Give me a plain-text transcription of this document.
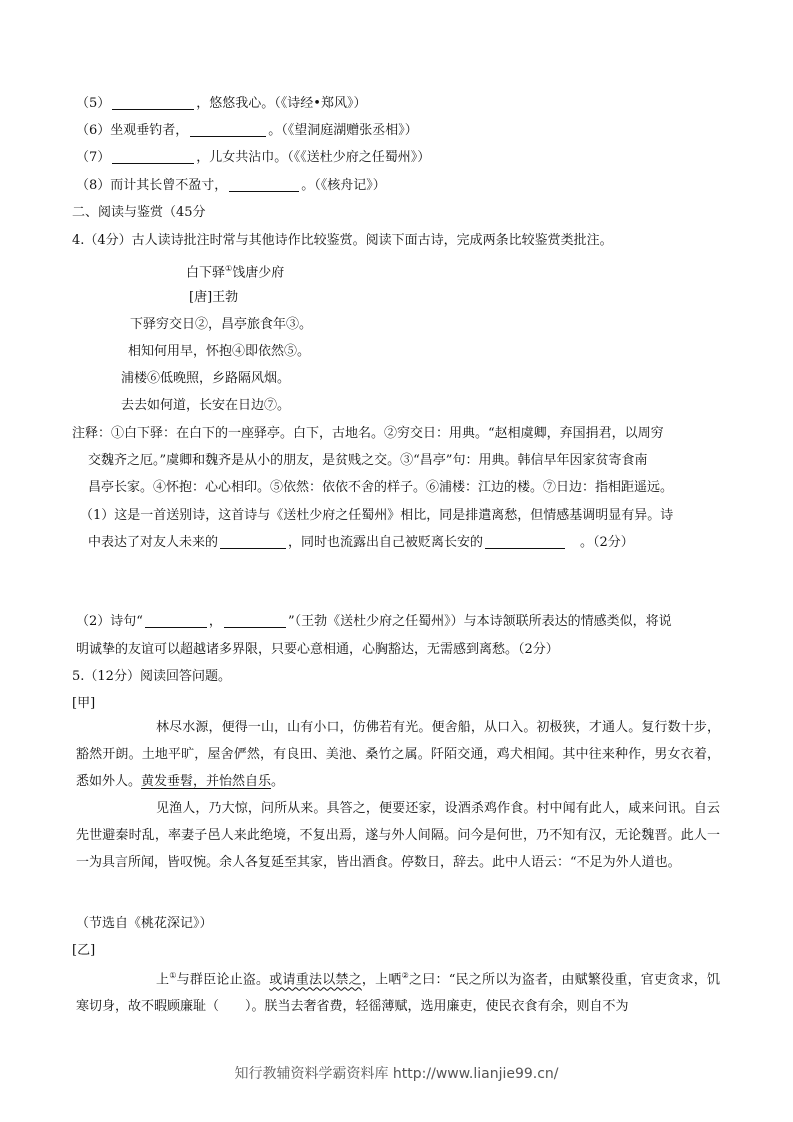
（5）	，悠悠我心。（《诗经•郑风》）
（6）坐观垂钓者，	。（《望洞庭湖赠张丞相》）
（7）	，儿女共沾巾。（《《送杜少府之任蜀州》）
（8）而计其长曾不盈寸，	。（《核舟记》）
二、阅读与鉴赏（45分
4.（4分）古人读诗批注时常与其他诗作比较鉴赏。阅读下面古诗，完成两条比较鉴赏类批注。
白下驿①饯唐少府
[唐]王勃
下驿穷交日②，昌亭旅食年③。
相知何用早，怀抱④即依然⑤。
浦楼⑥低晚照，乡路隔风烟。
去去如何道，长安在日边⑦。
注释：①白下驿：在白下的一座驿亭。白下，古地名。②穷交日：用典。“赵相虞卿，弃国捐君，以周穷
交魏齐之厄。”虞卿和魏齐是从小的朋友，是贫贱之交。③“昌亭”句：用典。韩信早年因家贫寄食南
昌亭长家。④怀抱：心心相印。⑤依然：依依不舍的样子。⑥浦楼：江边的楼。⑦日边：指相距遥远。
（1）这是一首送别诗，这首诗与《送杜少府之任蜀州》相比，同是排遣离愁，但情感基调明显有异。诗
中表达了对友人未来的	，同时也流露出自己被贬离长安的	　。（2分）
（2）诗句“	，	”（王勃《送杜少府之任蜀州》）与本诗颔联所表达的情感类似，将说
明诚挚的友谊可以超越诸多界限，只要心意相通，心胸豁达，无需感到离愁。（2分）
5.（12分）阅读回答问题。
[甲]
林尽水源，便得一山，山有小口，仿佛若有光。便舍船，从口入。初极狭，才通人。复行数十步，豁然开朗。土地平旷，屋舍俨然，有良田、美池、桑竹之属。阡陌交通，鸡犬相闻。其中往来种作，男女衣着，悉如外人。黄发垂髫，并怡然自乐。
见渔人，乃大惊，问所从来。具答之，便要还家，设酒杀鸡作食。村中闻有此人，咸来问讯。自云先世避秦时乱，率妻子邑人来此绝境，不复出焉，遂与外人间隔。问今是何世，乃不知有汉，无论魏晋。此人一一为具言所闻，皆叹惋。余人各复延至其家，皆出酒食。停数日，辞去。此中人语云：“不足为外人道也。
（节选自《桃花深记》）
[乙]
上①与群臣论止盗。或请重法以禁之，上哂②之曰：“民之所以为盗者，由赋繁役重，官吏贪求，饥寒切身，故不暇顾廉耻（　　）。朕当去奢省费，轻徭薄赋，选用廉吏，使民衣食有余，则自不为
知行教辅资料学霸资料库 http://www.lianjie99.cn/
